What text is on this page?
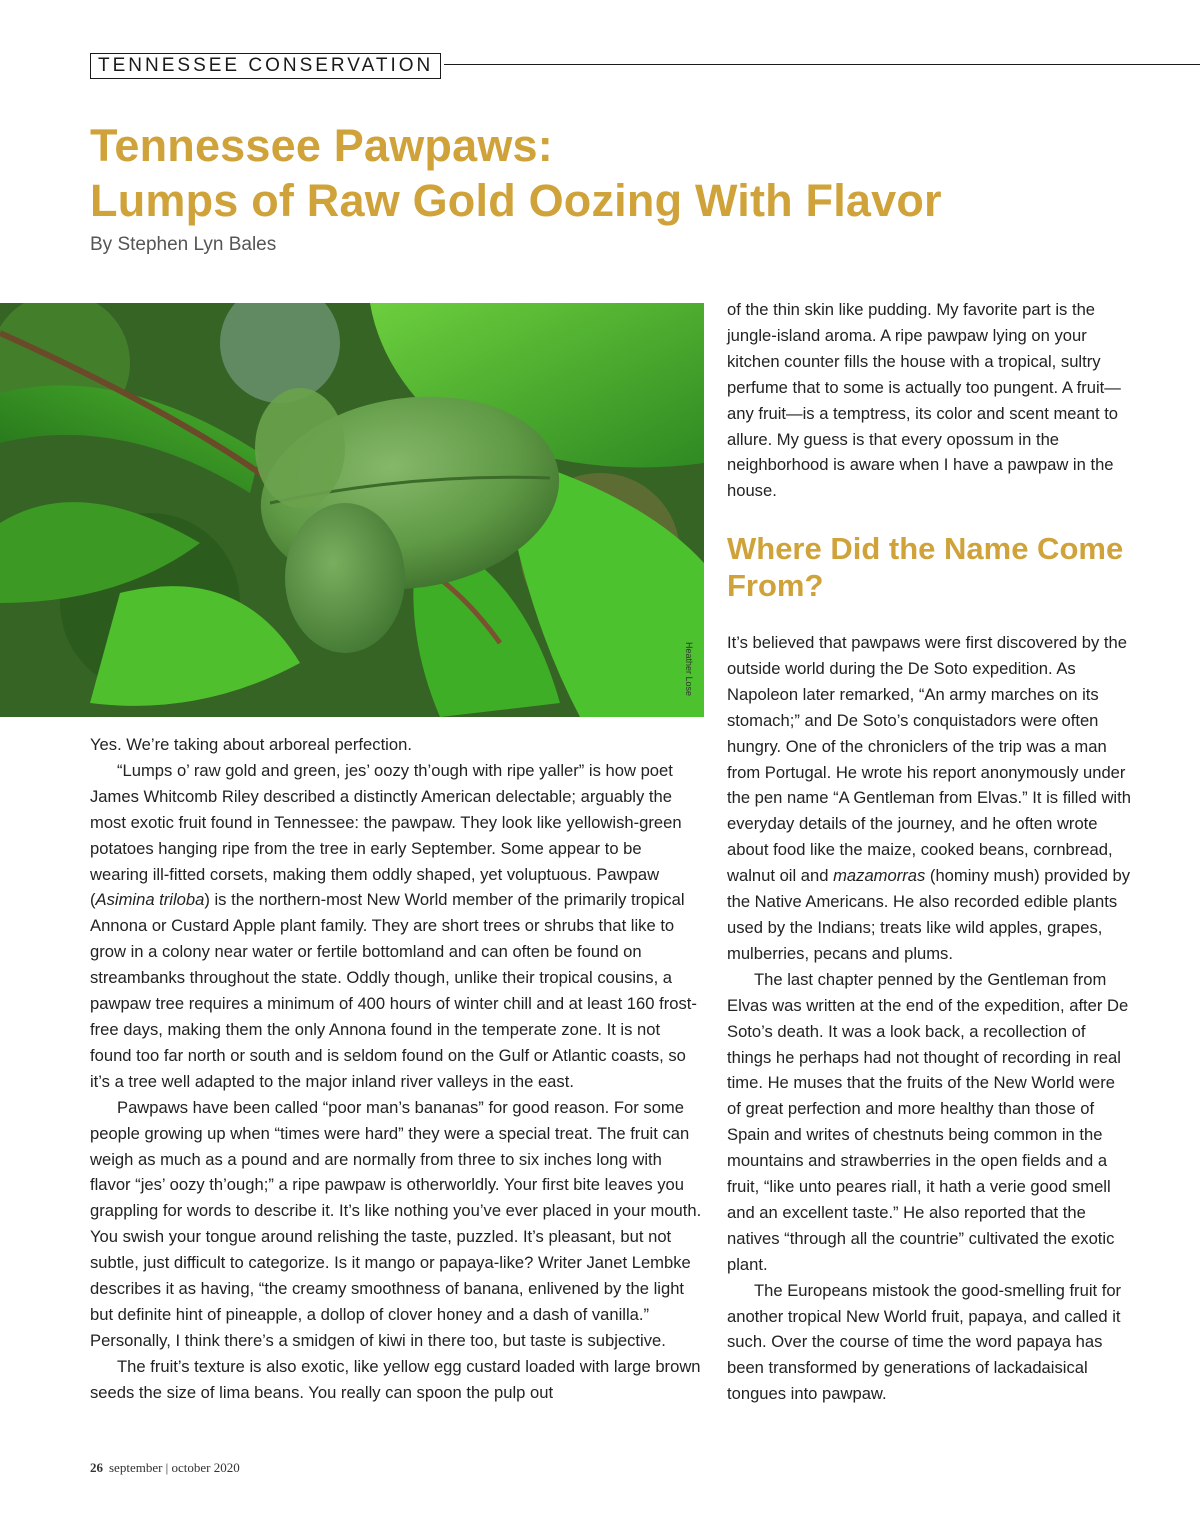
TENNESSEE CONSERVATION
Tennessee Pawpaws:
Lumps of Raw Gold Oozing With Flavor
By Stephen Lyn Bales
Heather Lose

Yes. We’re taking about arboreal perfection.

“Lumps o’ raw gold and green, jes’ oozy th’ough with ripe yaller” is how poet James Whitcomb Riley described a distinctly American delectable; arguably the most exotic fruit found in Tennessee: the pawpaw. They look like yellowish-green potatoes hanging ripe from the tree in early September. Some appear to be wearing ill-fitted corsets, making them oddly shaped, yet voluptuous. Pawpaw (Asimina triloba) is the northern-most New World member of the primarily tropical Annona or Custard Apple plant family. They are short trees or shrubs that like to grow in a colony near water or fertile bottomland and can often be found on streambanks throughout the state. Oddly though, unlike their tropical cousins, a pawpaw tree requires a minimum of 400 hours of winter chill and at least 160 frost-free days, making them the only Annona found in the temperate zone. It is not found too far north or south and is seldom found on the Gulf or Atlantic coasts, so it’s a tree well adapted to the major inland river valleys in the east.

Pawpaws have been called “poor man’s bananas” for good reason. For some people growing up when “times were hard” they were a special treat. The fruit can weigh as much as a pound and are normally from three to six inches long with flavor “jes’ oozy th’ough;” a ripe pawpaw is otherworldly. Your first bite leaves you grappling for words to describe it. It’s like nothing you’ve ever placed in your mouth. You swish your tongue around relishing the taste, puzzled. It’s pleasant, but not subtle, just difficult to categorize. Is it mango or papaya-like? Writer Janet Lembke describes it as having, “the creamy smoothness of banana, enlivened by the light but definite hint of pineapple, a dollop of clover honey and a dash of vanilla.” Personally, I think there’s a smidgen of kiwi in there too, but taste is subjective.

The fruit’s texture is also exotic, like yellow egg custard loaded with large brown seeds the size of lima beans. You really can spoon the pulp out

of the thin skin like pudding. My favorite part is the jungle-island aroma. A ripe pawpaw lying on your kitchen counter fills the house with a tropical, sultry perfume that to some is actually too pungent. A fruit—any fruit—is a temptress, its color and scent meant to allure. My guess is that every opossum in the neighborhood is aware when I have a pawpaw in the house.

Where Did the Name Come From?

It’s believed that pawpaws were first discovered by the outside world during the De Soto expedition. As Napoleon later remarked, “An army marches on its stomach;” and De Soto’s conquistadors were often hungry. One of the chroniclers of the trip was a man from Portugal. He wrote his report anonymously under the pen name “A Gentleman from Elvas.” It is filled with everyday details of the journey, and he often wrote about food like the maize, cooked beans, cornbread, walnut oil and mazamorras (hominy mush) provided by the Native Americans. He also recorded edible plants used by the Indians; treats like wild apples, grapes, mulberries, pecans and plums.

The last chapter penned by the Gentleman from Elvas was written at the end of the expedition, after De Soto’s death. It was a look back, a recollection of things he perhaps had not thought of recording in real time. He muses that the fruits of the New World were of great perfection and more healthy than those of Spain and writes of chestnuts being common in the mountains and strawberries in the open fields and a fruit, “like unto peares riall, it hath a verie good smell and an excellent taste.” He also reported that the natives “through all the countrie” cultivated the exotic plant.

The Europeans mistook the good-smelling fruit for another tropical New World fruit, papaya, and called it such. Over the course of time the word papaya has been transformed by generations of lackadaisical tongues into pawpaw.

26 september | october 2020
